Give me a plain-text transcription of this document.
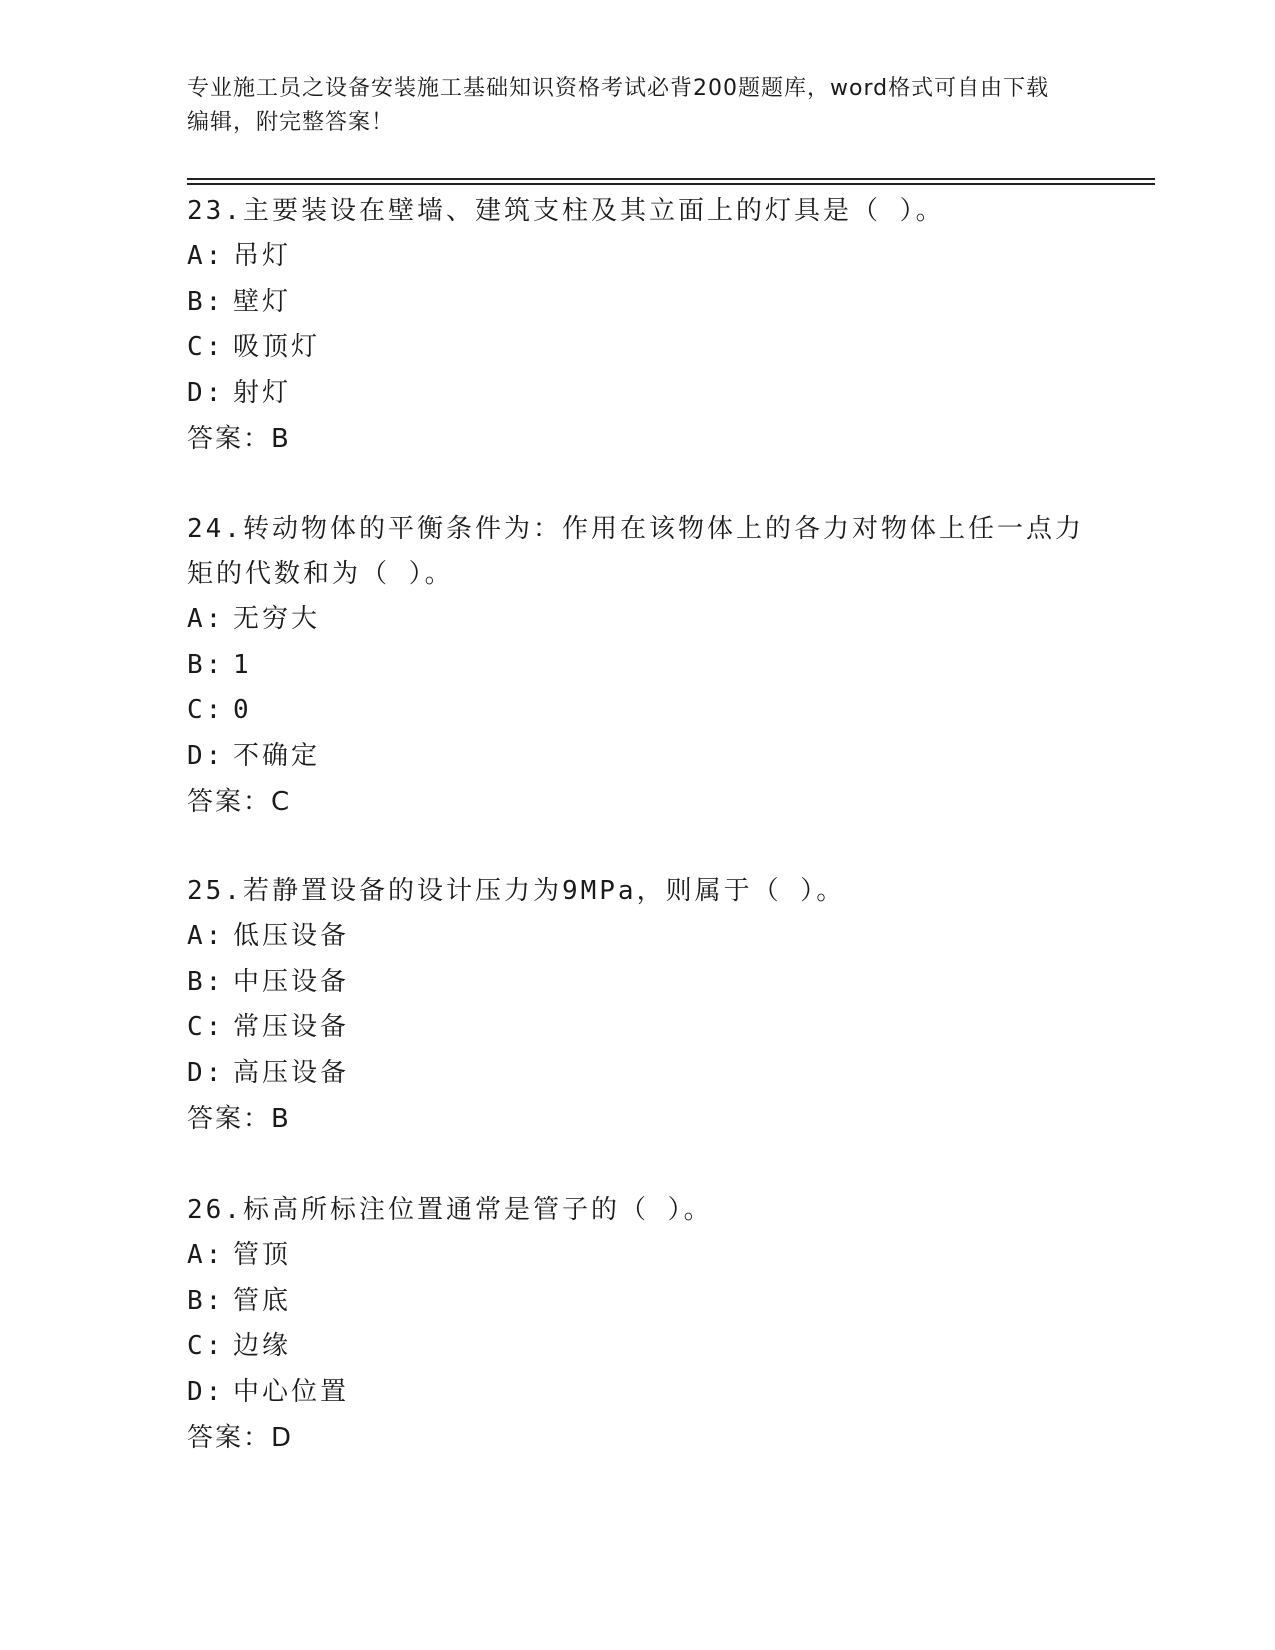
专业施工员之设备安装施工基础知识资格考试必背200题题库，word格式可自由下载编辑，附完整答案！

23.主要装设在壁墙、建筑支柱及其立面上的灯具是（ ）。

A: 吊灯

B: 壁灯

C: 吸顶灯

D: 射灯

答案：B

24.转动物体的平衡条件为：作用在该物体上的各力对物体上任一点力矩的代数和为（ ）。

A: 无穷大

B: 1

C: 0

D: 不确定

答案：C

25.若静置设备的设计压力为9MPa，则属于（ ）。

A: 低压设备

B: 中压设备

C: 常压设备

D: 高压设备

答案：B

26.标高所标注位置通常是管子的（ ）。

A: 管顶

B: 管底

C: 边缘

D: 中心位置

答案：D
